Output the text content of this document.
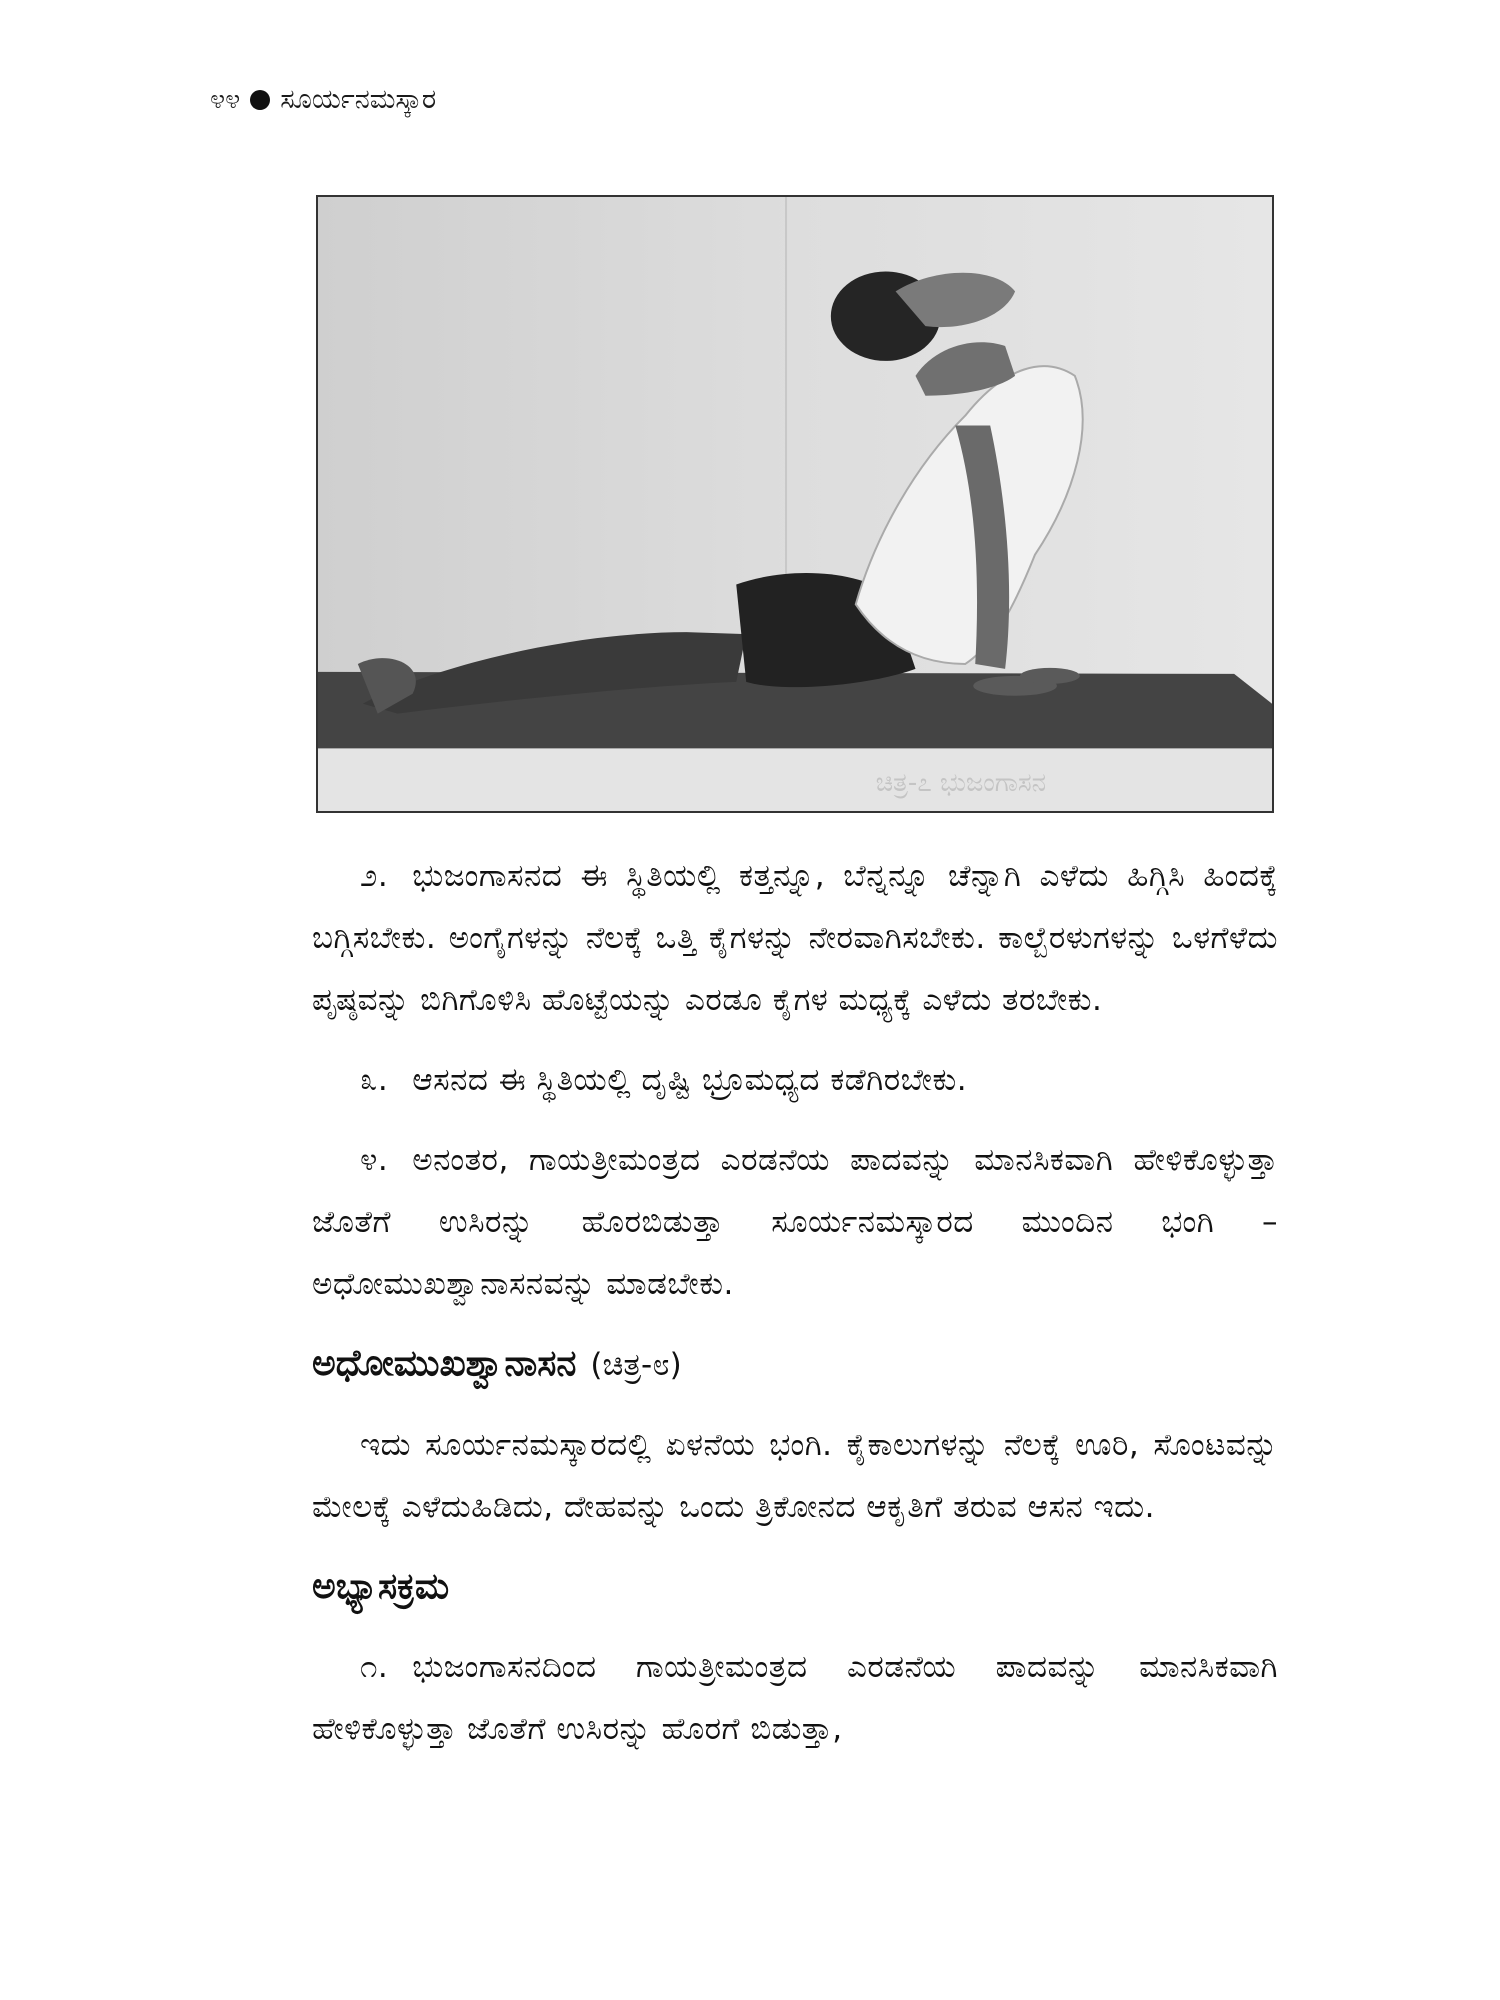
೪೪ ಸೂರ್ಯನಮಸ್ಕಾರ
ಚಿತ್ರ-೭ ಭುಜಂಗಾಸನ

೨. ಭುಜಂಗಾಸನದ ಈ ಸ್ಥಿತಿಯಲ್ಲಿ ಕತ್ತನ್ನೂ, ಬೆನ್ನನ್ನೂ ಚೆನ್ನಾಗಿ ಎಳೆದು ಹಿಗ್ಗಿಸಿ ಹಿಂದಕ್ಕೆ ಬಗ್ಗಿಸಬೇಕು. ಅಂಗೈಗಳನ್ನು ನೆಲಕ್ಕೆ ಒತ್ತಿ ಕೈಗಳನ್ನು ನೇರವಾಗಿಸಬೇಕು. ಕಾಲ್ಬೆರಳುಗಳನ್ನು ಒಳಗೆಳೆದು ಪೃಷ್ಠವನ್ನು ಬಿಗಿಗೊಳಿಸಿ ಹೊಟ್ಟೆಯನ್ನು ಎರಡೂ ಕೈಗಳ ಮಧ್ಯಕ್ಕೆ ಎಳೆದು ತರಬೇಕು.

೩. ಆಸನದ ಈ ಸ್ಥಿತಿಯಲ್ಲಿ ದೃಷ್ಟಿ ಭ್ರೂಮಧ್ಯದ ಕಡೆಗಿರಬೇಕು.

೪. ಅನಂತರ, ಗಾಯತ್ರೀಮಂತ್ರದ ಎರಡನೆಯ ಪಾದವನ್ನು ಮಾನಸಿಕವಾಗಿ ಹೇಳಿಕೊಳ್ಳುತ್ತಾ ಜೊತೆಗೆ ಉಸಿರನ್ನು ಹೊರಬಿಡುತ್ತಾ ಸೂರ್ಯನಮಸ್ಕಾರದ ಮುಂದಿನ ಭಂಗಿ – ಅಧೋಮುಖಶ್ವಾನಾಸನವನ್ನು ಮಾಡಬೇಕು.

ಅಧೋಮುಖಶ್ವಾನಾಸನ (ಚಿತ್ರ-೮)

ಇದು ಸೂರ್ಯನಮಸ್ಕಾರದಲ್ಲಿ ಏಳನೆಯ ಭಂಗಿ. ಕೈಕಾಲುಗಳನ್ನು ನೆಲಕ್ಕೆ ಊರಿ, ಸೊಂಟವನ್ನು ಮೇಲಕ್ಕೆ ಎಳೆದುಹಿಡಿದು, ದೇಹವನ್ನು ಒಂದು ತ್ರಿಕೋನದ ಆಕೃತಿಗೆ ತರುವ ಆಸನ ಇದು.

ಅಭ್ಯಾಸಕ್ರಮ

೧. ಭುಜಂಗಾಸನದಿಂದ ಗಾಯತ್ರೀಮಂತ್ರದ ಎರಡನೆಯ ಪಾದವನ್ನು ಮಾನಸಿಕವಾಗಿ ಹೇಳಿಕೊಳ್ಳುತ್ತಾ ಜೊತೆಗೆ ಉಸಿರನ್ನು ಹೊರಗೆ ಬಿಡುತ್ತಾ,
